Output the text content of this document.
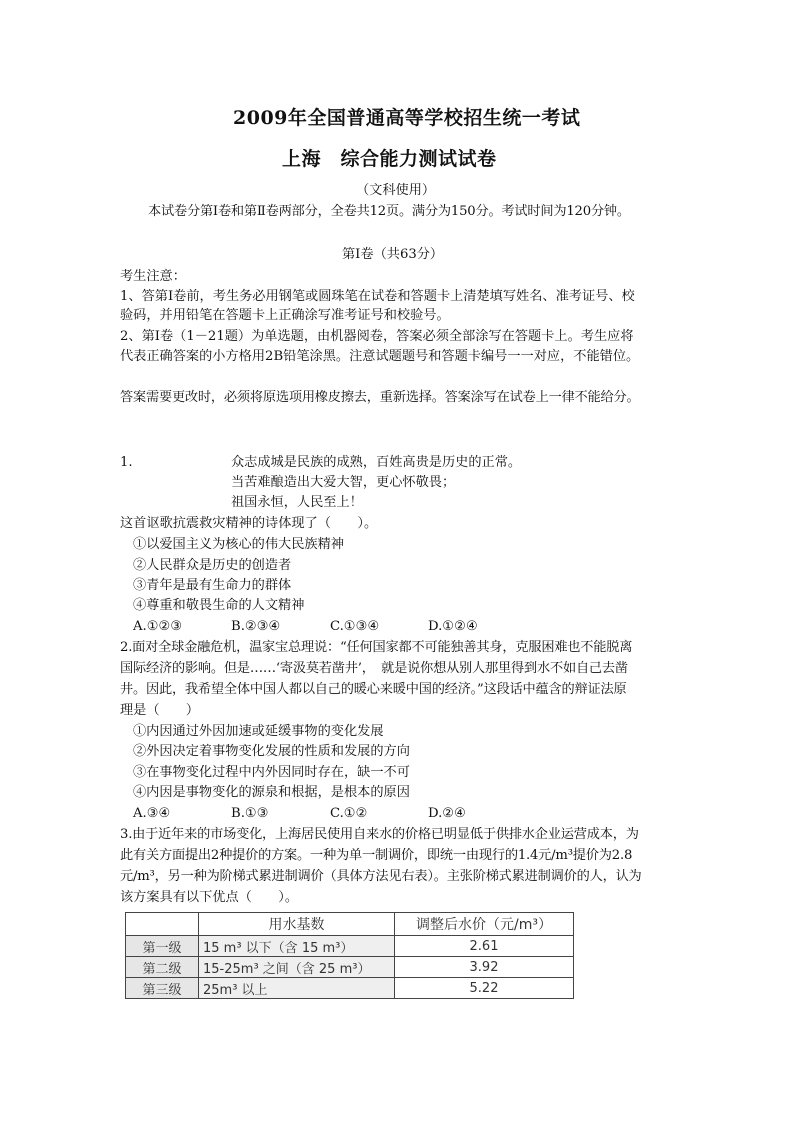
2009年全国普通高等学校招生统一考试
上海　综合能力测试试卷
（文科使用）
本试卷分第Ⅰ卷和第Ⅱ卷两部分，全卷共12页。满分为150分。考试时间为120分钟。
第Ⅰ卷（共63分）
考生注意：
1、答第Ⅰ卷前，考生务必用钢笔或圆珠笔在试卷和答题卡上清楚填写姓名、准考证号、校
验码，并用铅笔在答题卡上正确涂写准考证号和校验号。
2、第Ⅰ卷（1－21题）为单选题，由机器阅卷，答案必须全部涂写在答题卡上。考生应将
代表正确答案的小方格用2B铅笔涂黑。注意试题题号和答题卡编号一一对应，不能错位。
答案需要更改时，必须将原选项用橡皮擦去，重新选择。答案涂写在试卷上一律不能给分。
1.	众志成城是民族的成熟，百姓高贵是历史的正常。
当苦难酿造出大爱大智，更心怀敬畏；
祖国永恒，人民至上！
这首讴歌抗震救灾精神的诗体现了（　　）。
①以爱国主义为核心的伟大民族精神
②人民群众是历史的创造者
③青年是最有生命力的群体
④尊重和敬畏生命的人文精神
A.①②③	B.②③④	C.①③④	D.①②④
2.面对全球金融危机，温家宝总理说：“任何国家都不可能独善其身，克服困难也不能脱离
国际经济的影响。但是……‘寄汲莫若凿井’，　就是说你想从别人那里得到水不如自己去凿
井。因此，我希望全体中国人都以自己的暖心来暖中国的经济。”这段话中蕴含的辩证法原
理是（　　）
①内因通过外因加速或延缓事物的变化发展
②外因决定着事物变化发展的性质和发展的方向
③在事物变化过程中内外因同时存在，缺一不可
④内因是事物变化的源泉和根据，是根本的原因
A.③④	B.①③	C.①②	D.②④
3.由于近年来的市场变化，上海居民使用自来水的价格已明显低于供排水企业运营成本，为
此有关方面提出2种提价的方案。一种为单一制调价，即统一由现行的1.4元/m³提价为2.8
元/m³，另一种为阶梯式累进制调价（具体方法见右表）。主张阶梯式累进制调价的人，认为
该方案具有以下优点（　　）。
	用水基数	调整后水价（元/m³）
第一级	15 m³ 以下（含 15 m³）	2.61
第二级	15-25m³ 之间（含 25 m³）	3.92
第三级	25m³ 以上	5.22
